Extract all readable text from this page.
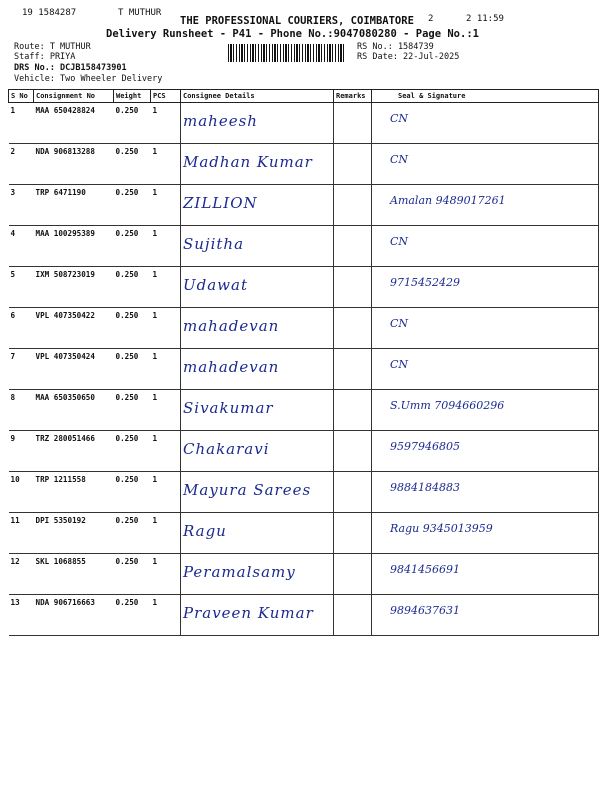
19 1584287	T MUTHUR
2	2 11:59
THE PROFESSIONAL COURIERS, COIMBATORE
Delivery Runsheet - P41 - Phone No.:9047080280 - Page No.:1
Route: T MUTHUR
Staff: PRIYA
DRS No.: DCJB158473901
Vehicle: Two Wheeler Delivery
RS No.: 1584739
RS Date: 22-Jul-2025
S No	Consignment No	Weight	PCS	Consignee Details	Remarks	Seal & Signature
1	MAA 650428824	0.250	1	maheesh		CN

2	NDA 906813288	0.250	1	Madhan Kumar		CN

3	TRP 6471190	0.250	1	ZILLION		Amalan 9489017261

4	MAA 100295389	0.250	1	Sujitha		CN

5	IXM 508723019	0.250	1	Udawat		9715452429

6	VPL 407350422	0.250	1	mahadevan		CN

7	VPL 407350424	0.250	1	mahadevan		CN

8	MAA 650350650	0.250	1	Sivakumar		S.Umm 7094660296

9	TRZ 280051466	0.250	1	Chakaravi		9597946805

10	TRP 1211558	0.250	1	Mayura Sarees		9884184883

11	DPI 5350192	0.250	1	Ragu		Ragu 9345013959

12	SKL 1068855	0.250	1	Peramalsamy		9841456691

13	NDA 906716663	0.250	1	Praveen Kumar		9894637631
